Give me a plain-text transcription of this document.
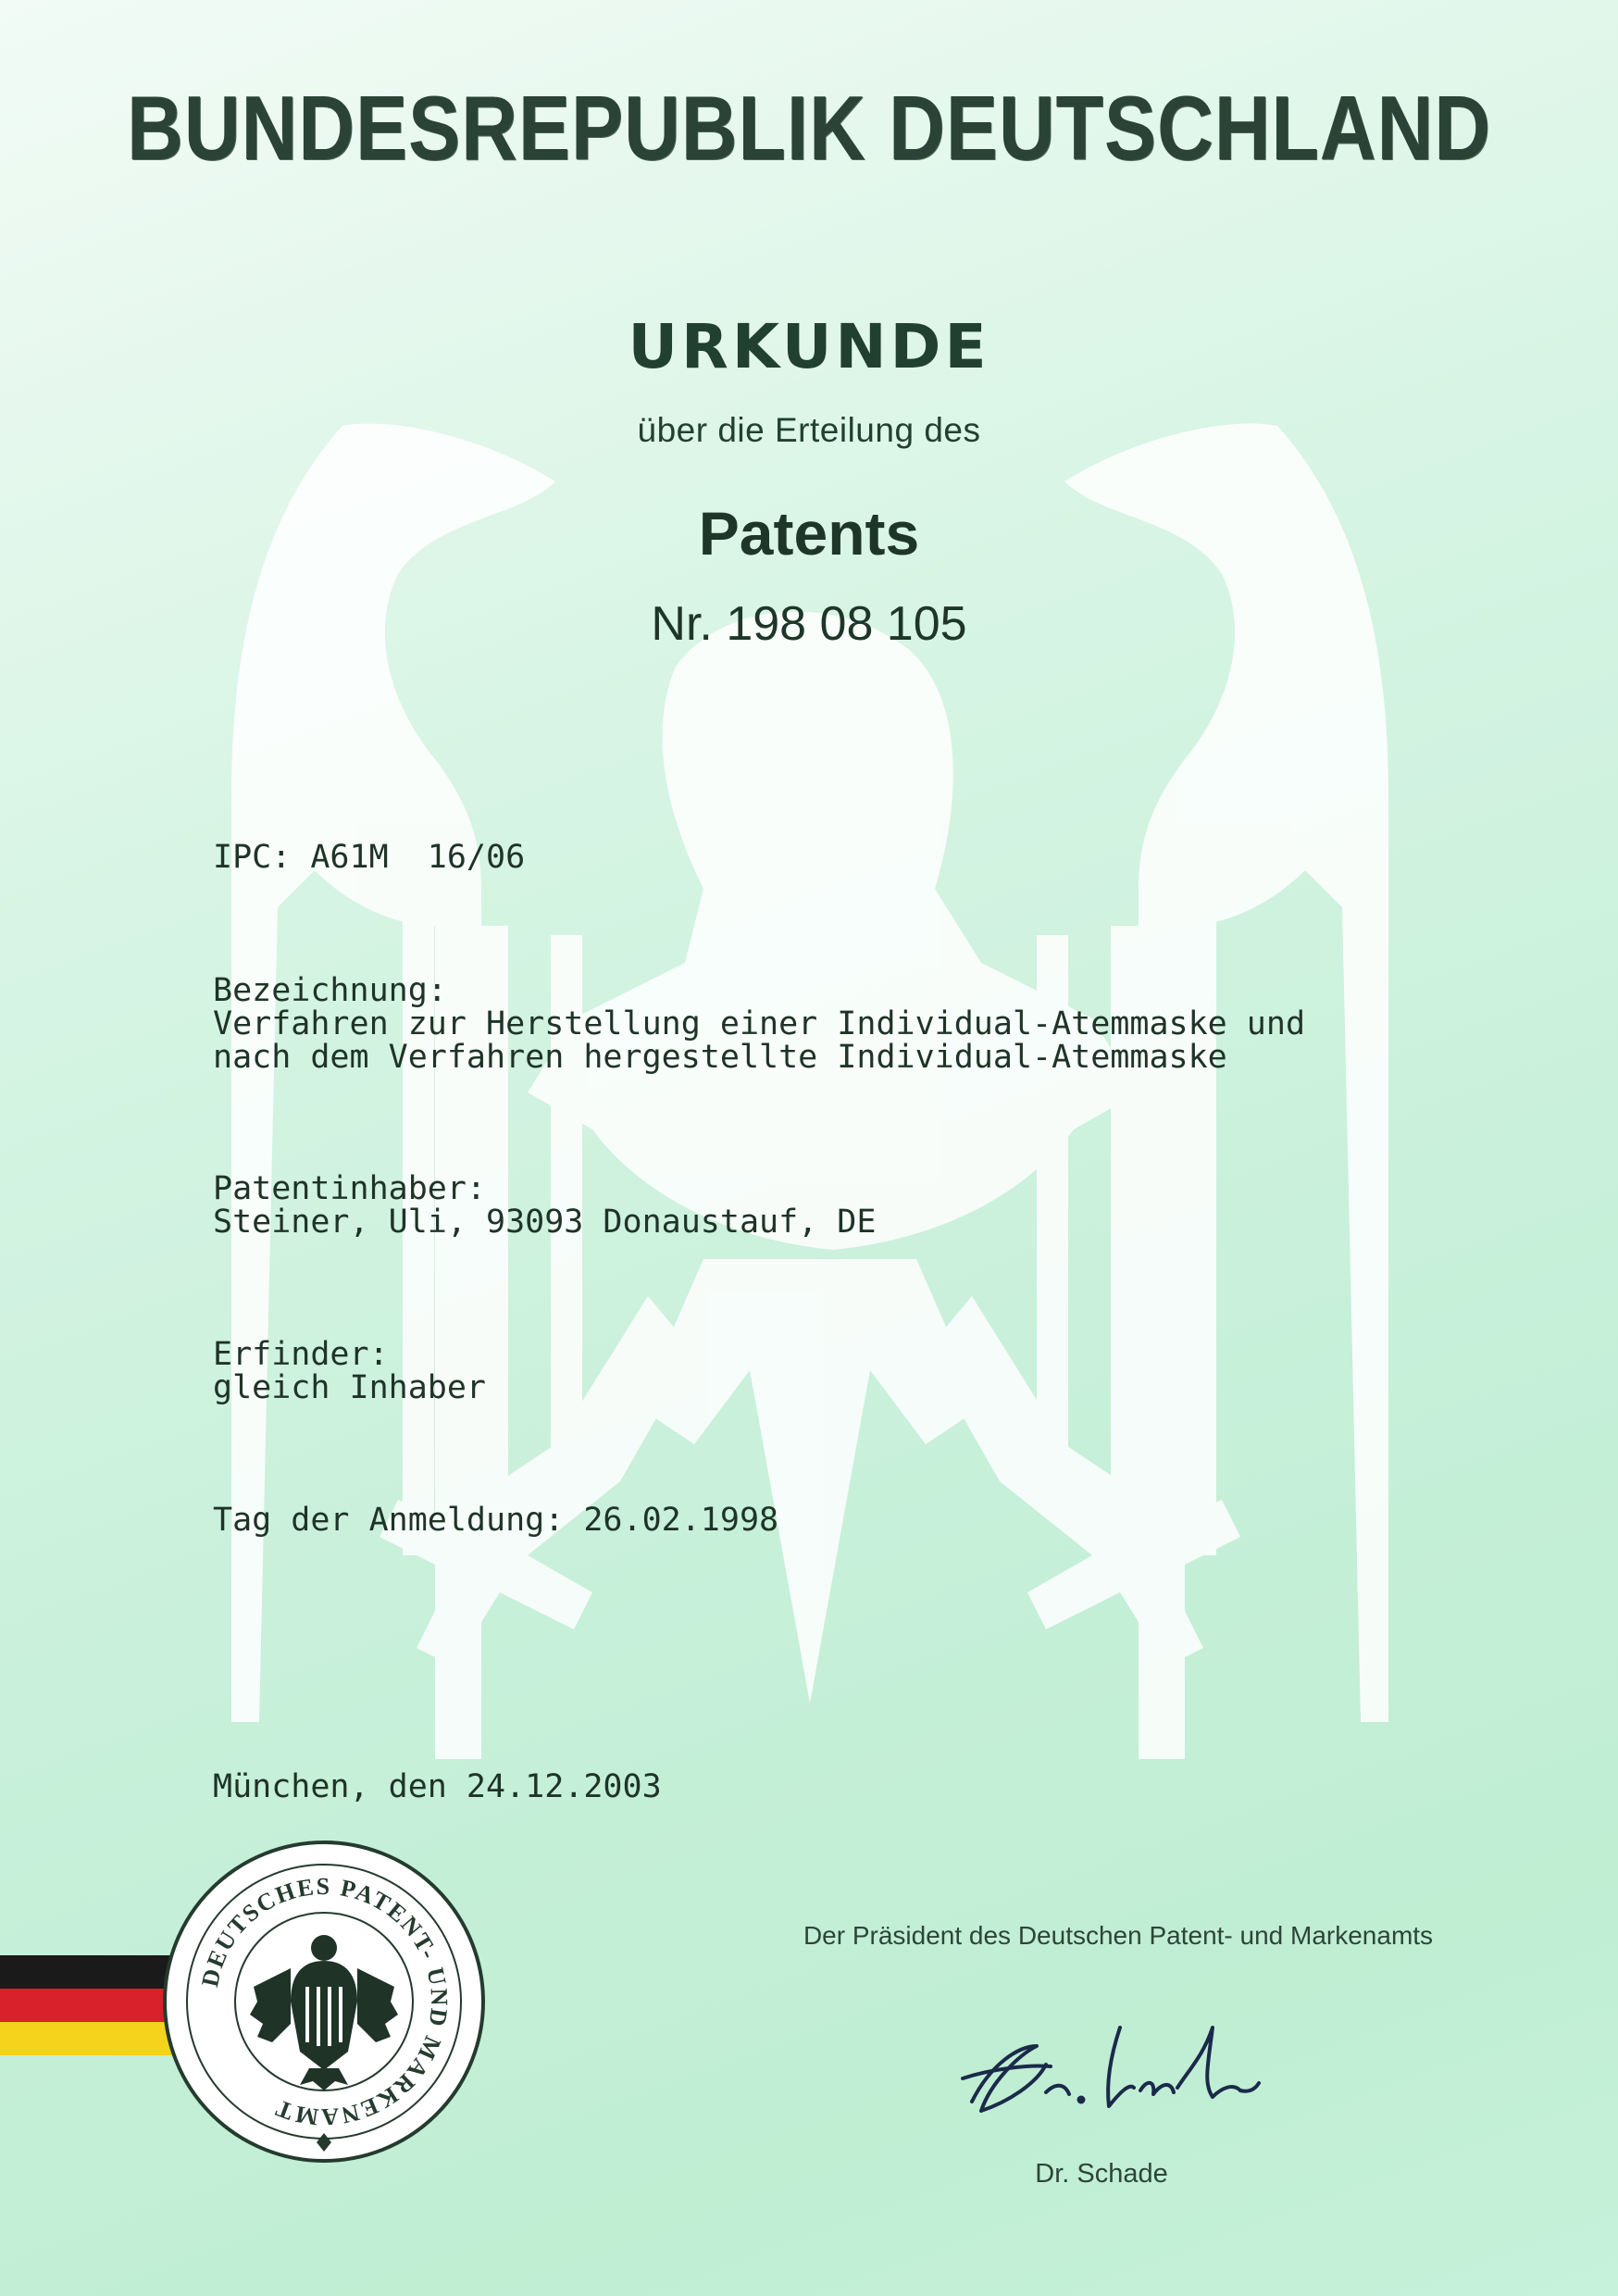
BUNDESREPUBLIK DEUTSCHLAND
URKUNDE
über die Erteilung des
Patents
Nr. 198 08 105
IPC: A61M  16/06
Bezeichnung:
Verfahren zur Herstellung einer Individual-Atemmaske und
nach dem Verfahren hergestellte Individual-Atemmaske
Patentinhaber:
Steiner, Uli, 93093 Donaustauf, DE
Erfinder:
gleich Inhaber
Tag der Anmeldung: 26.02.1998
München, den 24.12.2003
DEUTSCHES PATENT- UND MARKENAMT
Der Präsident des Deutschen Patent- und Markenamts
Dr. Schade
